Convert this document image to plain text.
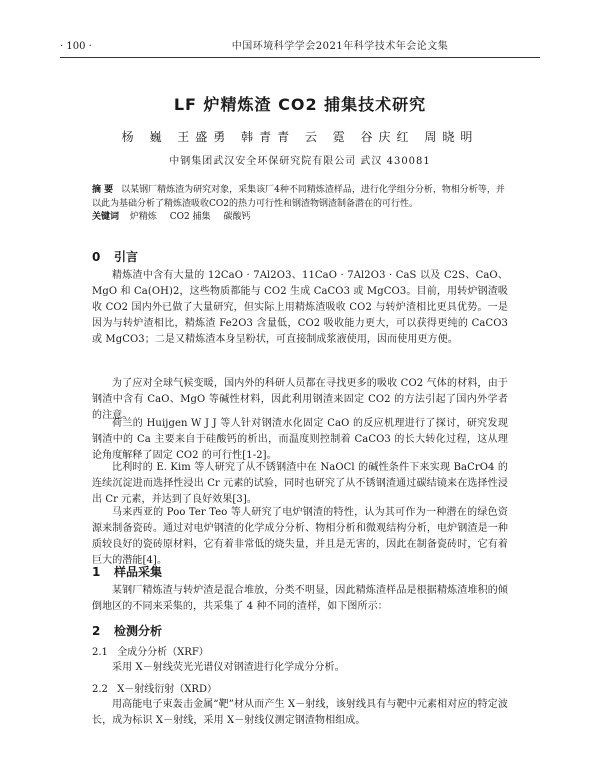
· 100 ·	中国环境科学学会2021年科学技术年会论文集
LF 炉精炼渣 CO2 捕集技术研究
杨 巍 王盛勇 韩青青 云 霓 谷庆红 周晓明
中钢集团武汉安全环保研究院有限公司 武汉 430081
摘 要 以某钢厂精炼渣为研究对象，采集该厂4种不同精炼渣样品，进行化学组分分析，物相分析等，并以此为基础分析了精炼渣吸收CO2的热力可行性和钢渣物钢渣制备潜在的可行性。
关键词 炉精炼 CO2 捕集 碳酸钙
0 引言

精炼渣中含有大量的 12CaO · 7Al2O3、11CaO · 7Al2O3 · CaS 以及 C2S、CaO、MgO 和 Ca(OH)2，这些物质都能与 CO2 生成 CaCO3 或 MgCO3。目前，用转炉钢渣吸收 CO2 国内外已做了大量研究，但实际上用精炼渣吸收 CO2 与转炉渣相比更具优势。一是因为与转炉渣相比，精炼渣 Fe2O3 含量低，CO2 吸收能力更大，可以获得更纯的 CaCO3 或 MgCO3；二是又精炼渣本身呈粉状，可直接制成浆液使用，因而使用更方便。

为了应对全球气候变暖，国内外的科研人员都在寻找更多的吸收 CO2 气体的材料，由于钢渣中含有 CaO、MgO 等碱性材料，因此利用钢渣来固定 CO2 的方法引起了国内外学者的注意。

荷兰的 Huijgen W J J 等人针对钢渣水化固定 CaO 的反应机理进行了探讨，研究发现钢渣中的 Ca 主要来自于硅酸钙的析出，而温度则控制着 CaCO3 的长大转化过程，这从理论角度解释了固定 CO2 的可行性[1-2]。

比利时的 E. Kim 等人研究了从不锈钢渣中在 NaOCl 的碱性条件下来实现 BaCrO4 的连续沉淀进而选择性浸出 Cr 元素的试验，同时也研究了从不锈钢渣通过碳结镜来在选择性浸出 Cr 元素，并达到了良好效果[3]。

马来西亚的 Poo Ter Teo 等人研究了电炉钢渣的特性，认为其可作为一种潜在的绿色资源来制备瓷砖。通过对电炉钢渣的化学成分分析、物相分析和微观结构分析，电炉钢渣是一种质较良好的瓷砖原材料，它有着非常低的烧失量，并且是无害的，因此在制备瓷砖时，它有着巨大的潜能[4]。

1 样品采集

某钢厂精炼渣与转炉渣是混合堆放，分类不明显，因此精炼渣样品是根据精炼渣堆积的倾倒地区的不同来采集的，共采集了 4 种不同的渣样，如下图所示：

2 检测分析
2.1 全成分分析（XRF）

采用 X－射线荧光光谱仪对钢渣进行化学成分分析。

2.2 X－射线衍射（XRD）

用高能电子束轰击金属“靶”材从而产生 X－射线，该射线具有与靶中元素相对应的特定波长，成为标识 X－射线，采用 X－射线仪测定钢渣物相组成。
